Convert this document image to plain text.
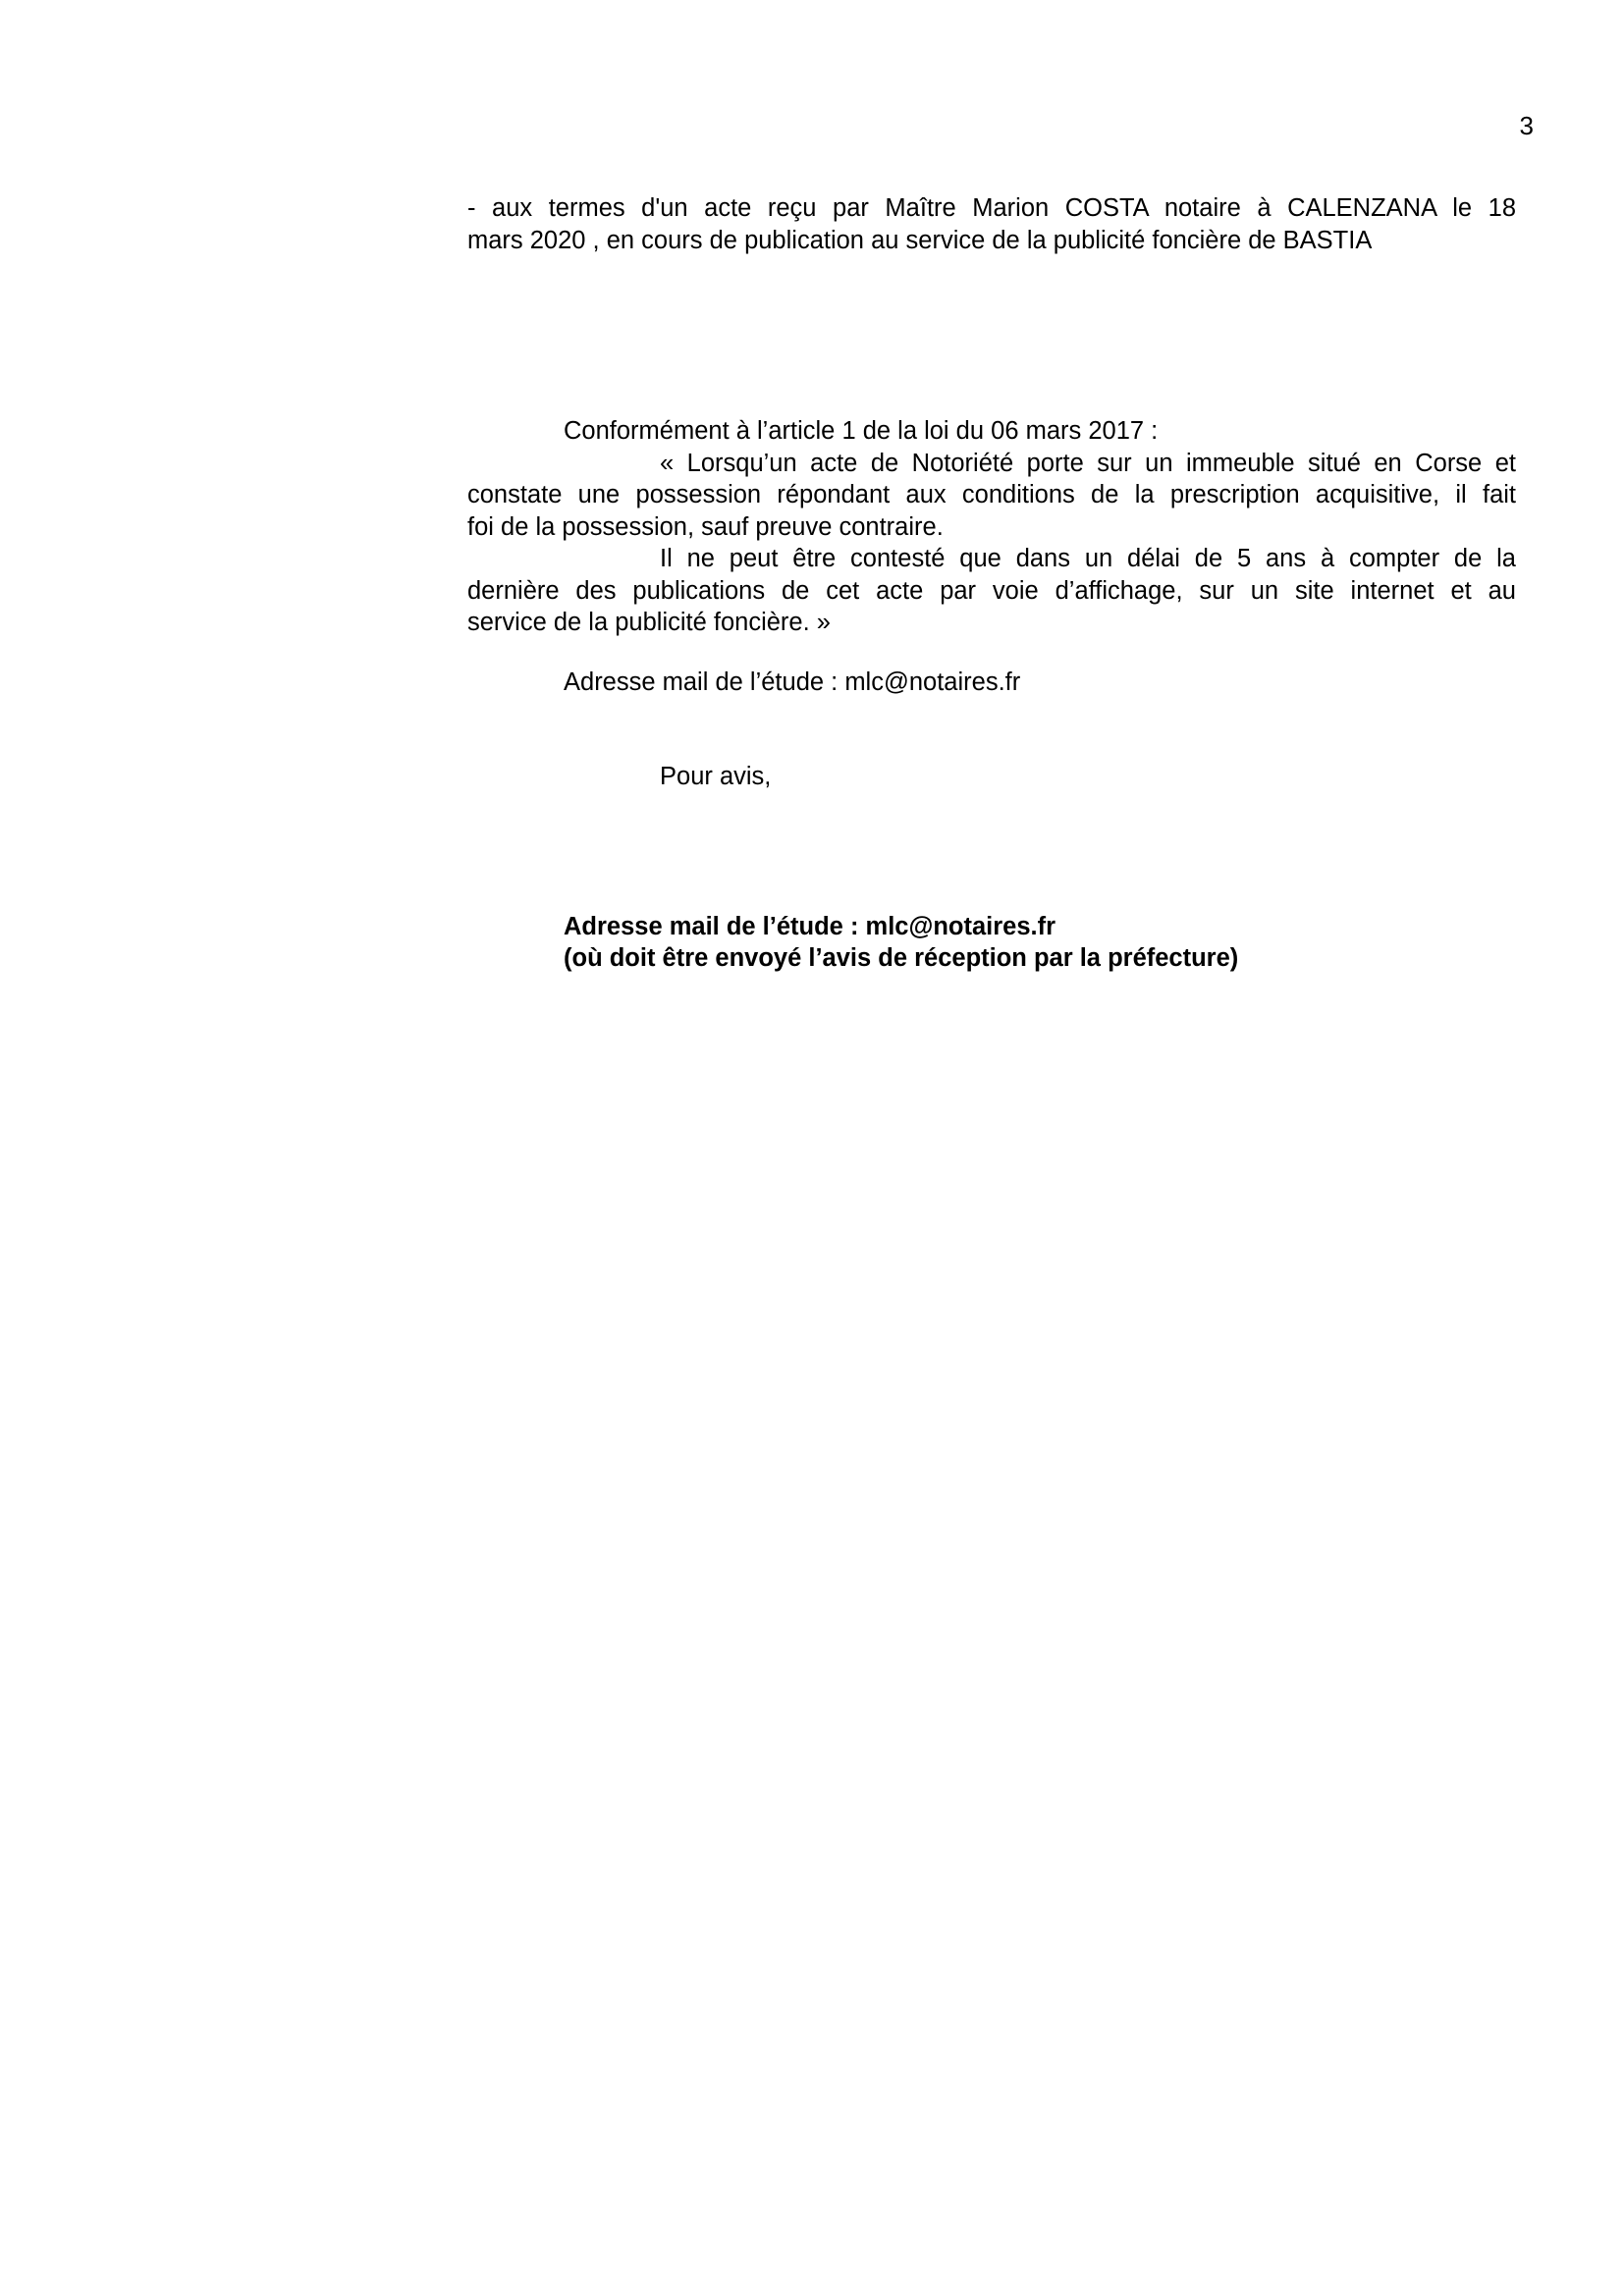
3

- aux termes d'un acte reçu par Maître Marion COSTA notaire à CALENZANA le 18
mars 2020 , en cours de publication au service de la publicité foncière de BASTIA

Conformément à l’article 1 de la loi du 06 mars 2017 :

« Lorsqu’un acte de Notoriété porte sur un immeuble situé en Corse et
constate une possession répondant aux conditions de la prescription acquisitive, il fait
foi de la possession, sauf preuve contraire.

Il ne peut être contesté que dans un délai de 5 ans à compter de la
dernière des publications de cet acte par voie d’affichage, sur un site internet et au
service de la publicité foncière. »

Adresse mail de l’étude : mlc@notaires.fr

Pour avis,

Adresse mail de l’étude : mlc@notaires.fr
(où doit être envoyé l’avis de réception par la préfecture)
